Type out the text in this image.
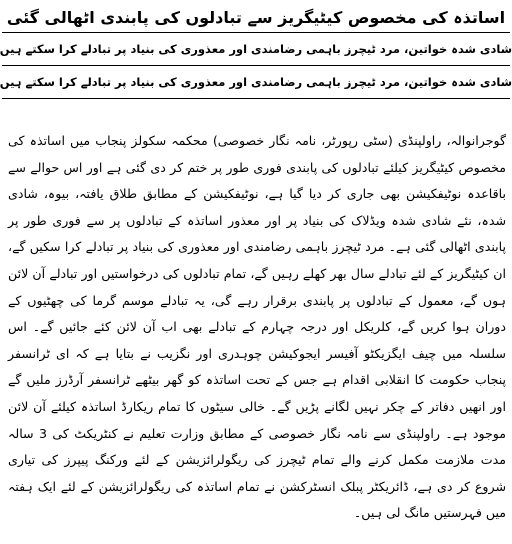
اساتذہ کی مخصوص کیٹیگریز سے تبادلوں کی پابندی اٹھالی گئی
شادی شدہ خواتین، مرد ٹیچرز باہمی رضامندی اور معذوری کی بنیاد پر تبادلے کرا سکتے ہیں
شادی شدہ خواتین، مرد ٹیچرز باہمی رضامندی اور معذوری کی بنیاد پر تبادلے کرا سکتے ہیں

گوجرانوالہ، راولپنڈی (سٹی رپورٹر، نامہ نگار خصوصی) محکمہ سکولز پنجاب میں اساتذہ کی مخصوص کیٹیگریز کیلئے تبادلوں کی پابندی فوری طور پر ختم کر دی گئی ہے اور اس حوالے سے باقاعدہ نوٹیفکیشن بھی جاری کر دیا گیا ہے، نوٹیفکیشن کے مطابق طلاق یافتہ، بیوہ، شادی شدہ، نئے شادی شدہ ویڈلاک کی بنیاد پر اور معذور اساتذہ کے تبادلوں پر سے فوری طور پر پابندی اٹھالی گئی ہے۔ مرد ٹیچرز باہمی رضامندی اور معذوری کی بنیاد پر تبادلے کرا سکیں گے، ان کیٹیگریز کے لئے تبادلے سال بھر کھلے رہیں گے، تمام تبادلوں کی درخواستیں اور تبادلے آن لائن ہوں گے، معمول کے تبادلوں پر پابندی برقرار رہے گی، یہ تبادلے موسم گرما کی چھٹیوں کے دوران ہوا کریں گے، کلریکل اور درجہ چہارم کے تبادلے بھی اب آن لائن کئے جائیں گے۔ اس سلسلہ میں چیف ایگزیکٹو آفیسر ایجوکیشن چوہدری اور نگزیب نے بتایا ہے کہ ای ٹرانسفر پنجاب حکومت کا انقلابی اقدام ہے جس کے تحت اساتذہ کو گھر بیٹھے ٹرانسفر آرڈرز ملیں گے اور انھیں دفاتر کے چکر نہیں لگانے پڑیں گے۔ خالی سیٹوں کا تمام ریکارڈ اساتذہ کیلئے آن لائن موجود ہے۔ راولپنڈی سے نامہ نگار خصوصی کے مطابق وزارت تعلیم نے کنٹریکٹ کی 3 سالہ مدت ملازمت مکمل کرنے والے تمام ٹیچرز کی ریگولرائزیشن کے لئے ورکنگ پیپرز کی تیاری شروع کر دی ہے، ڈائریکٹر پبلک انسٹرکشن نے تمام اساتذہ کی ریگولرائزیشن کے لئے ایک ہفتہ میں فہرستیں مانگ لی ہیں۔
